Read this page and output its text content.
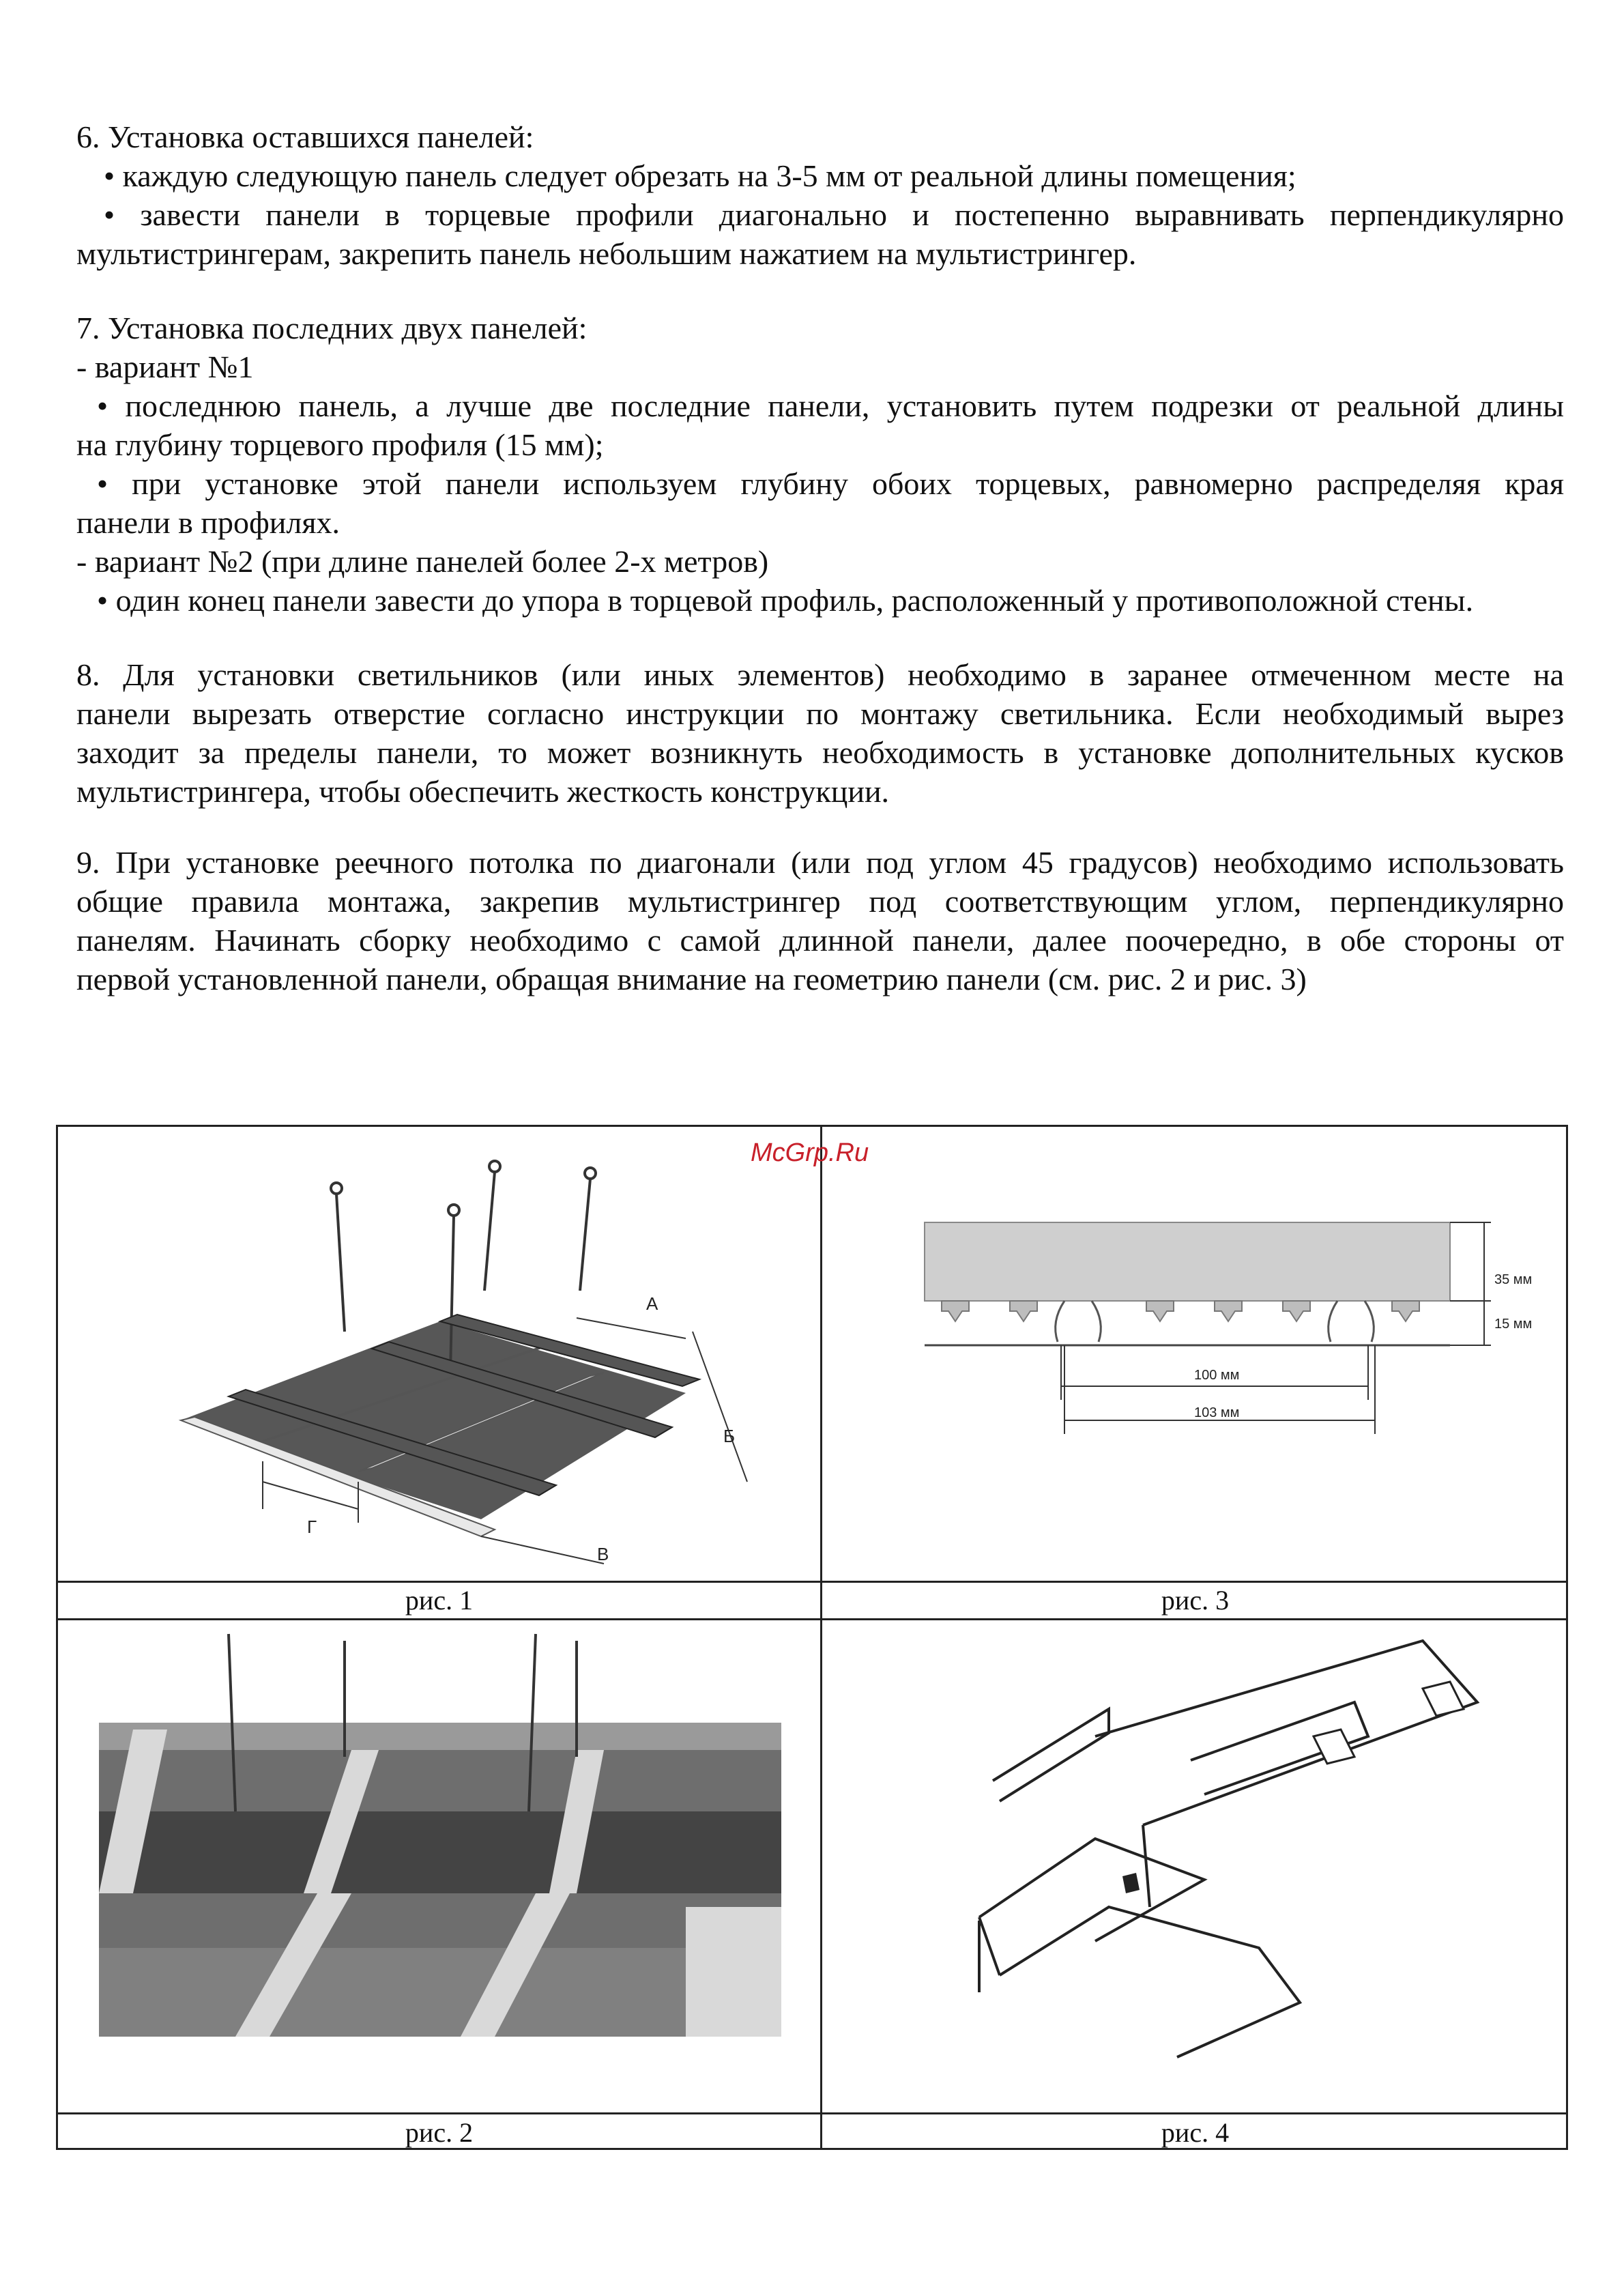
6. Установка оставшихся панелей:
• каждую следующую панель следует обрезать на 3-5 мм от реальной длины помещения;
• завести панели в торцевые профили диагонально и постепенно выравнивать перпендикулярно
мультистрингерам, закрепить панель небольшим нажатием на мультистрингер.
7. Установка последних двух панелей:
- вариант №1
• последнюю панель, а лучше две последние панели, установить путем подрезки от реальной длины
на глубину торцевого профиля (15 мм);
• при установке этой панели используем глубину обоих торцевых, равномерно распределяя края
панели в профилях.
- вариант №2 (при длине панелей более 2-х метров)
• один конец панели завести до упора в торцевой профиль, расположенный у противоположной стены.
8. Для установки светильников (или иных элементов) необходимо в заранее отмеченном месте на
панели вырезать отверстие согласно инструкции по монтажу светильника. Если необходимый вырез
заходит за пределы панели, то может возникнуть необходимость в установке дополнительных кусков
мультистрингера, чтобы обеспечить жесткость конструкции.
9. При установке реечного потолка по диагонали (или под углом 45 градусов) необходимо использовать
общие правила монтажа, закрепив мультистрингер под соответствующим углом, перпендикулярно
панелям. Начинать сборку необходимо с самой длинной панели, далее поочередно, в обе стороны от
первой установленной панели, обращая внимание на геометрию панели (см. рис. 2 и рис. 3)
А
Б
В
Г
рис. 1
35 мм
15 мм
100 мм
103 мм
рис. 3
рис. 2	рис. 4
McGrp.Ru
